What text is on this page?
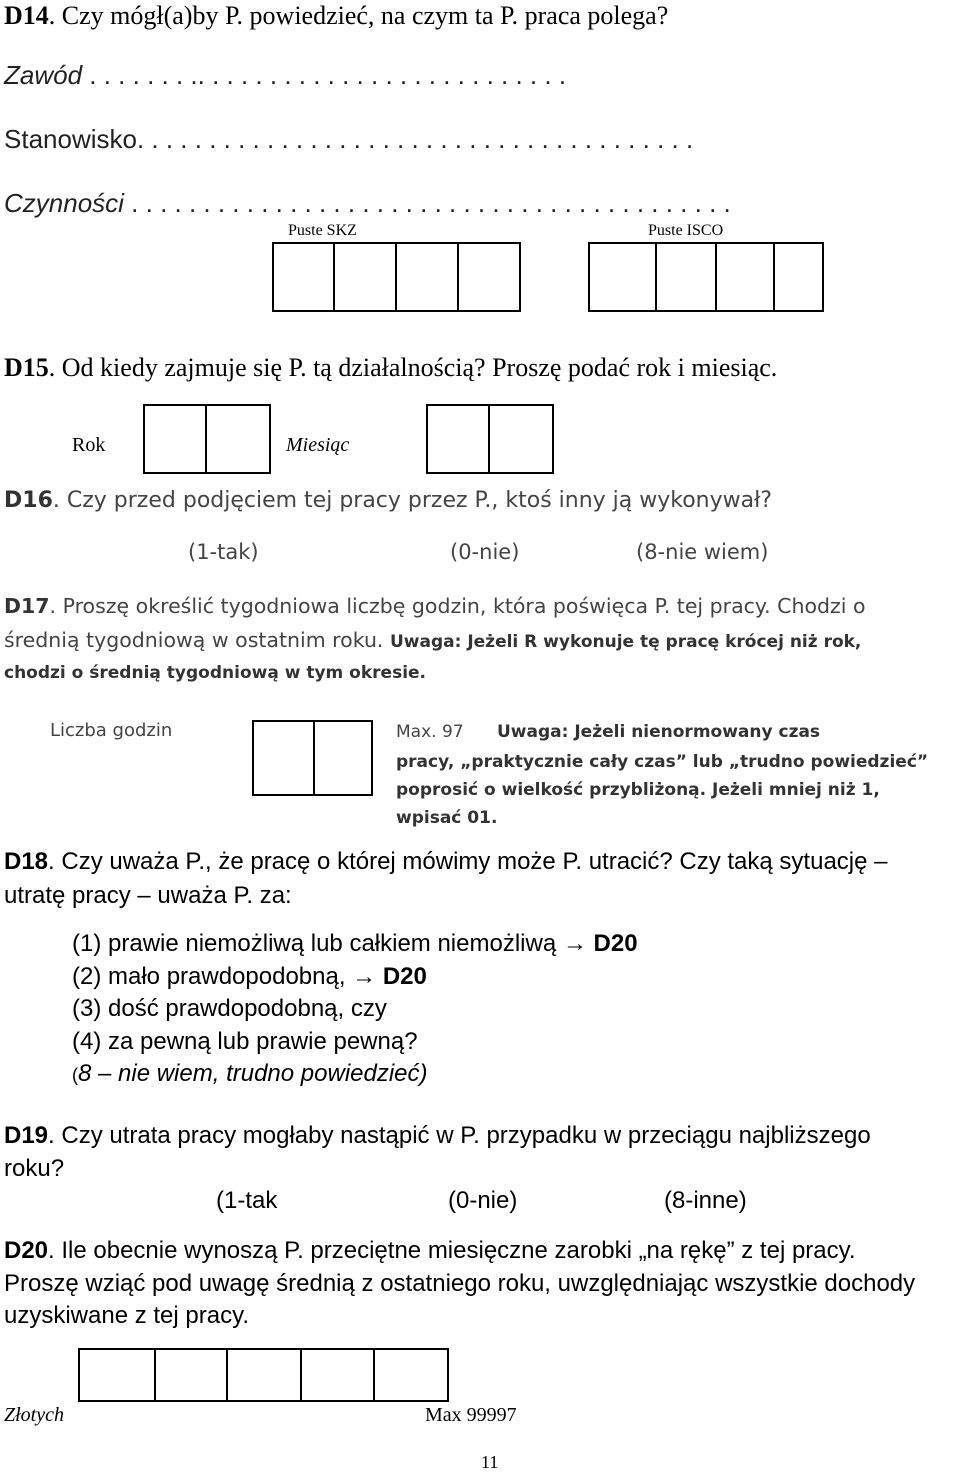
D14. Czy mógł(a)by P. powiedzieć, na czym ta P. praca polega?
Zawód . . . . . . . .. . . . . . . . . . . . . . . . . . . . . . . . . .
Stanowisko. . . . . . . . . . . . . . . . . . . . . . . . . . . . . . . . . . . . . . .
Czynności . . . . . . . . . . . . . . . . . . . . . . . . . . . . . . . . . . . . . . . . . .
Puste SKZ	Puste ISCO
D15. Od kiedy zajmuje się P. tą działalnością? Proszę podać rok i miesiąc.
Rok	Miesiąc
D16. Czy przed podjęciem tej pracy przez P., ktoś inny ją wykonywał?
(1-tak)	(0-nie)	(8-nie wiem)
D17. Proszę określić tygodniowa liczbę godzin, która poświęca P. tej pracy. Chodzi o
średnią tygodniową w ostatnim roku. Uwaga: Jeżeli R wykonuje tę pracę krócej niż rok,
chodzi o średnią tygodniową w tym okresie.
Liczba godzin	Max. 97 Uwaga: Jeżeli nienormowany czas
pracy, „praktycznie cały czas” lub „trudno powiedzieć”
poprosić o wielkość przybliżoną. Jeżeli mniej niż 1,
wpisać 01.
D18. Czy uważa P., że pracę o której mówimy może P. utracić? Czy taką sytuację –
utratę pracy – uważa P. za:
(1) prawie niemożliwą lub całkiem niemożliwą → D20
(2) mało prawdopodobną, → D20
(3) dość prawdopodobną, czy
(4) za pewną lub prawie pewną?
(8 – nie wiem, trudno powiedzieć)
D19. Czy utrata pracy mogłaby nastąpić w P. przypadku w przeciągu najbliższego
roku?
(1-tak	(0-nie)	(8-inne)
D20. Ile obecnie wynoszą P. przeciętne miesięczne zarobki „na rękę” z tej pracy.
Proszę wziąć pod uwagę średnią z ostatniego roku, uwzględniając wszystkie dochody
uzyskiwane z tej pracy.
Złotych	Max 99997
11
